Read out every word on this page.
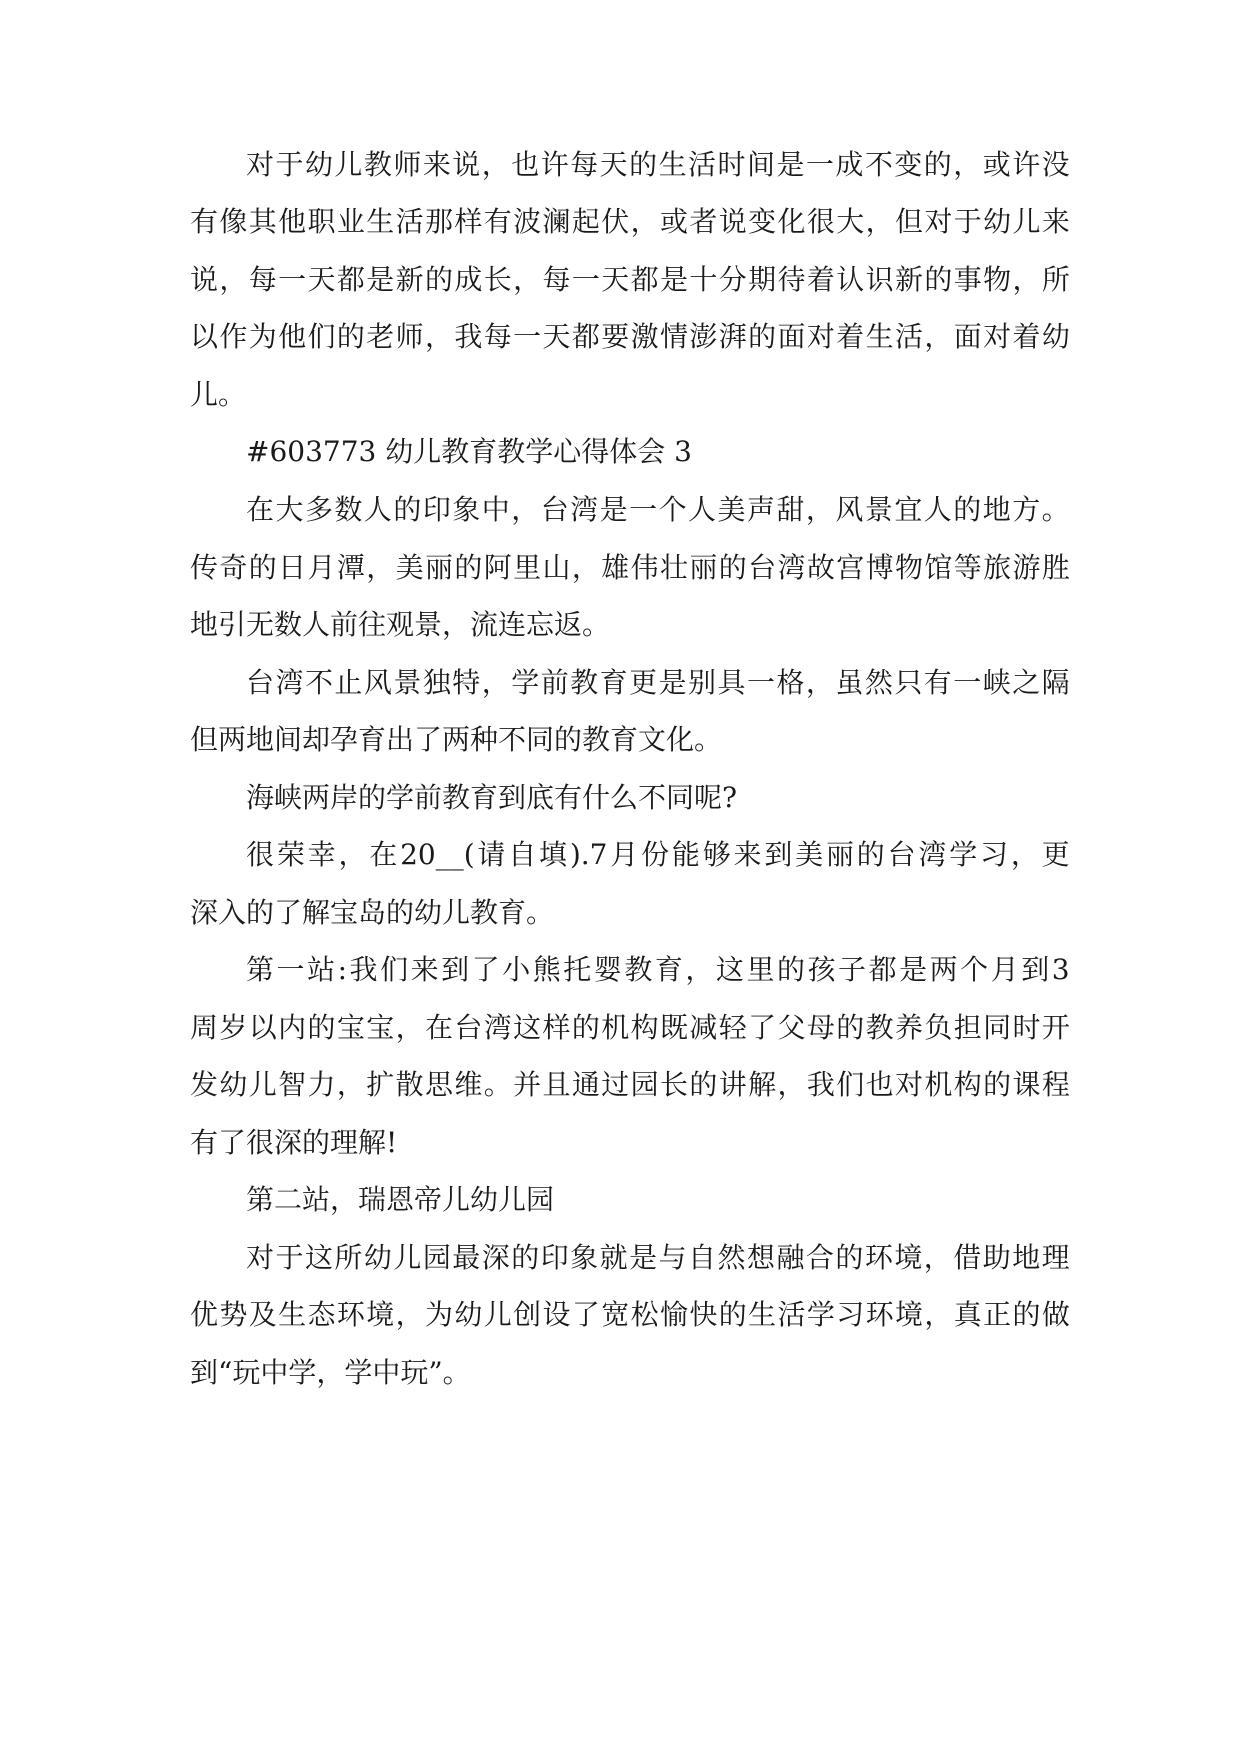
对 于 幼 儿 教 师 来 说 ， 也 许 每 天 的 生 活 时 间 是 一 成 不 变 的 ， 或 许 没
有 像 其 他 职 业 生 活 那 样 有 波 澜 起 伏 ， 或 者 说 变 化 很 大 ， 但 对 于 幼 儿 来
说 ， 每 一 天 都 是 新 的 成 长 ， 每 一 天 都 是 十 分 期 待 着 认 识 新 的 事 物 ， 所
以 作 为 他 们 的 老 师 ， 我 每 一 天 都 要 激 情 澎 湃 的 面 对 着 生 活 ， 面 对 着 幼
儿。
#603773 幼儿教育教学心得体会 3
在 大 多 数 人 的 印 象 中 ， 台 湾 是 一 个 人 美 声 甜 ， 风 景 宜 人 的 地 方 。
传 奇 的 日 月 潭 ， 美 丽 的 阿 里 山 ， 雄 伟 壮 丽 的 台 湾 故 宫 博 物 馆 等 旅 游 胜
地引无数人前往观景，流连忘返。
台 湾 不 止 风 景 独 特 ， 学 前 教 育 更 是 别 具 一 格 ， 虽 然 只 有 一 峡 之 隔
但两地间却孕育出了两种不同的教育文化。
海峡两岸的学前教育到底有什么不同呢?
很 荣 幸 ， 在 20__( 请 自 填 ).7 月 份 能 够 来 到 美 丽 的 台 湾 学 习 ， 更
深入的了解宝岛的幼儿教育。
第 一 站 : 我 们 来 到 了 小 熊 托 婴 教 育 ， 这 里 的 孩 子 都 是 两 个 月 到 3
周 岁 以 内 的 宝 宝 ， 在 台 湾 这 样 的 机 构 既 减 轻 了 父 母 的 教 养 负 担 同 时 开
发 幼 儿 智 力 ， 扩 散 思 维 。 并 且 通 过 园 长 的 讲 解 ， 我 们 也 对 机 构 的 课 程
有了很深的理解!
第二站，瑞恩帝儿幼儿园
对 于 这 所 幼 儿 园 最 深 的 印 象 就 是 与 自 然 想 融 合 的 环 境 ， 借 助 地 理
优 势 及 生 态 环 境 ， 为 幼 儿 创 设 了 宽 松 愉 快 的 生 活 学 习 环 境 ， 真 正 的 做
到“玩中学，学中玩”。
